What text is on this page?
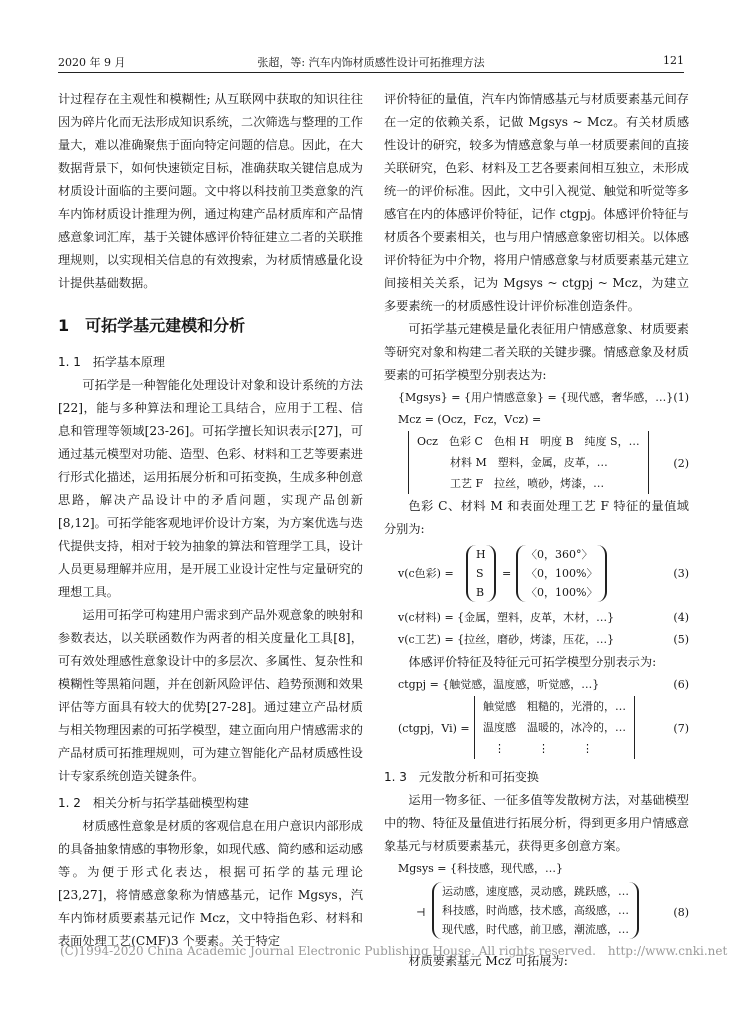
2020 年 9 月	张超，等: 汽车内饰材质感性设计可拓推理方法	121

计过程存在主观性和模糊性; 从互联网中获取的知识往往因为碎片化而无法形成知识系统，二次筛选与整理的工作量大，难以准确聚焦于面向特定问题的信息。因此，在大数据背景下，如何快速锁定目标，准确获取关键信息成为材质设计面临的主要问题。文中将以科技前卫类意象的汽车内饰材质设计推理为例，通过构建产品材质库和产品情感意象词汇库，基于关键体感评价特征建立二者的关联推理规则，以实现相关信息的有效搜索，为材质情感量化设计提供基础数据。

1　可拓学基元建模和分析
1. 1　拓学基本原理

可拓学是一种智能化处理设计对象和设计系统的方法[22]，能与多种算法和理论工具结合，应用于工程、信息和管理等领域[23-26]。可拓学擅长知识表示[27]，可通过基元模型对功能、造型、色彩、材料和工艺等要素进行形式化描述，运用拓展分析和可拓变换，生成多种创意思路，解决产品设计中的矛盾问题，实现产品创新[8,12]。可拓学能客观地评价设计方案，为方案优选与迭代提供支持，相对于较为抽象的算法和管理学工具，设计人员更易理解并应用，是开展工业设计定性与定量研究的理想工具。

运用可拓学可构建用户需求到产品外观意象的映射和参数表达，以关联函数作为两者的相关度量化工具[8]，可有效处理感性意象设计中的多层次、多属性、复杂性和模糊性等黑箱问题，并在创新风险评估、趋势预测和效果评估等方面具有较大的优势[27-28]。通过建立产品材质与相关物理因素的可拓学模型，建立面向用户情感需求的产品材质可拓推理规则，可为建立智能化产品材质感性设计专家系统创造关键条件。

1. 2　相关分析与拓学基础模型构建

材质感性意象是材质的客观信息在用户意识内部形成的具备抽象情感的事物形象，如现代感、简约感和运动感等。为便于形式化表达，根据可拓学的基元理论[23,27]，将情感意象称为情感基元，记作 Mgsys，汽车内饰材质要素基元记作 Mcz，文中特指色彩、材料和表面处理工艺(CMF)3 个要素。关于特定

评价特征的量值，汽车内饰情感基元与材质要素基元间存在一定的依赖关系，记做 Mgsys ~ Mcz。有关材质感性设计的研究，较多为情感意象与单一材质要素间的直接关联研究，色彩、材料及工艺各要素间相互独立，未形成统一的评价标准。因此，文中引入视觉、触觉和听觉等多感官在内的体感评价特征，记作 ctgpj。体感评价特征与材质各个要素相关，也与用户情感意象密切相关。以体感评价特征为中介物，将用户情感意象与材质要素基元建立间接相关关系，记为 Mgsys ~ ctgpj ~ Mcz，为建立多要素统一的材质感性设计评价标准创造条件。

可拓学基元建模是量化表征用户情感意象、材质要素等研究对象和构建二者关联的关键步骤。情感意象及材质要素的可拓学模型分别表达为:

{Mgsys} = {用户情感意象} = {现代感，奢华感，…} (1)
Mcz = (Ocz，Fcz，Vcz) =
Ocz　色彩 C　色相 H　明度 B　纯度 S，…
　　　材料 M　塑料，金属，皮革，…
　　　工艺 F　拉丝，喷砂，烤漆，…
(2)

色彩 C、材料 M 和表面处理工艺 F 特征的量值域分别为:

v(c色彩) =
H
S
B
=
〈0，360°〉
〈0，100%〉
〈0，100%〉
(3)
v(c材料) = {金属，塑料，皮革，木材，…}	(4)
v(c工艺) = {拉丝，磨砂，烤漆，压花，…}	(5)

体感评价特征及特征元可拓学模型分别表示为:

ctgpj = {触觉感，温度感，听觉感，…}	(6)
(ctgpj，Vi) =
触觉感　粗糙的，光滑的，…
温度感　温暖的，冰冷的，…
　⋮　　　⋮　　　⋮
(7)
1. 3　元发散分析和可拓变换

运用一物多征、一征多值等发散树方法，对基础模型中的物、特征及量值进行拓展分析，得到更多用户情感意象基元与材质要素基元，获得更多创意方案。

Mgsys = {科技感，现代感，…}
⊣
运动感，速度感，灵动感，跳跃感，…
科技感，时尚感，技术感，高级感，…
现代感，时代感，前卫感，潮流感，…
(8)

材质要素基元 Mcz 可拓展为:

(C)1994-2020 China Academic Journal Electronic Publishing House. All rights reserved.　http://www.cnki.net
